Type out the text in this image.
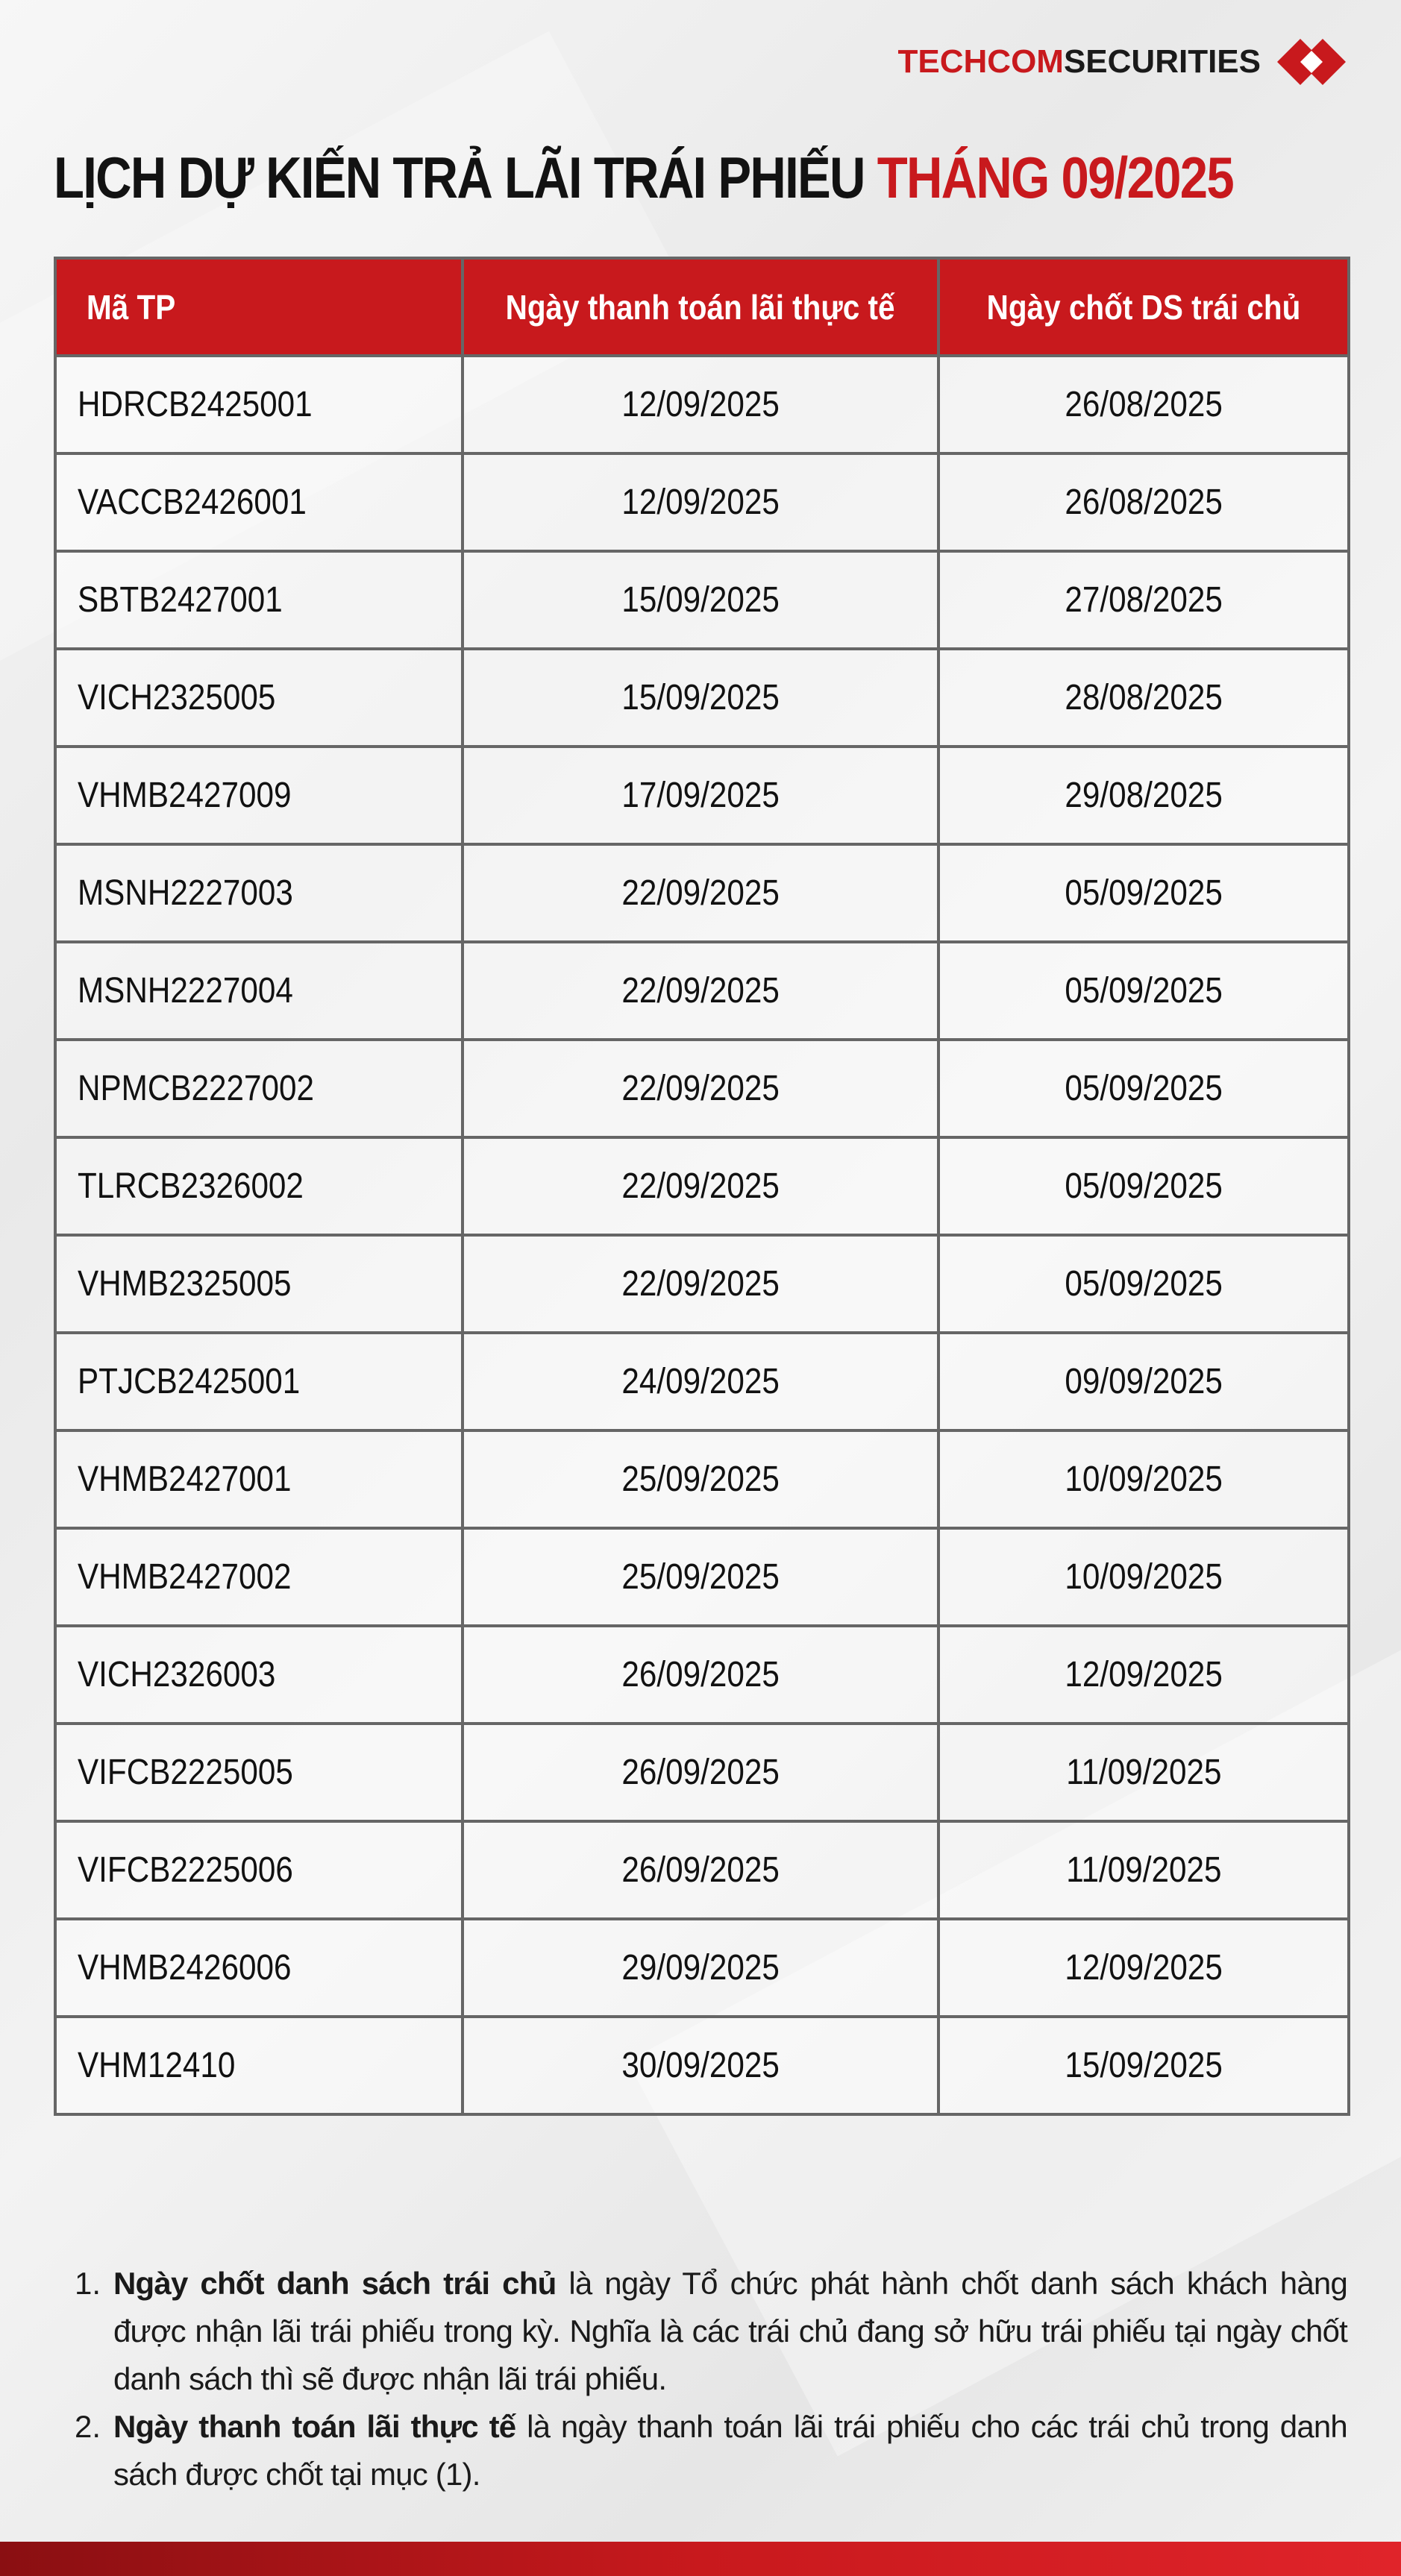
TECHCOMSECURITIES
LỊCH DỰ KIẾN TRẢ LÃI TRÁI PHIẾU THÁNG 09/2025
Mã TP	Ngày thanh toán lãi thực tế	Ngày chốt DS trái chủ
HDRCB2425001	12/09/2025	26/08/2025
VACCB2426001	12/09/2025	26/08/2025
SBTB2427001	15/09/2025	27/08/2025
VICH2325005	15/09/2025	28/08/2025
VHMB2427009	17/09/2025	29/08/2025
MSNH2227003	22/09/2025	05/09/2025
MSNH2227004	22/09/2025	05/09/2025
NPMCB2227002	22/09/2025	05/09/2025
TLRCB2326002	22/09/2025	05/09/2025
VHMB2325005	22/09/2025	05/09/2025
PTJCB2425001	24/09/2025	09/09/2025
VHMB2427001	25/09/2025	10/09/2025
VHMB2427002	25/09/2025	10/09/2025
VICH2326003	26/09/2025	12/09/2025
VIFCB2225005	26/09/2025	11/09/2025
VIFCB2225006	26/09/2025	11/09/2025
VHMB2426006	29/09/2025	12/09/2025
VHM12410	30/09/2025	15/09/2025
1. Ngày chốt danh sách trái chủ là ngày Tổ chức phát hành chốt danh sách khách hàng được nhận lãi trái phiếu trong kỳ. Nghĩa là các trái chủ đang sở hữu trái phiếu tại ngày chốt danh sách thì sẽ được nhận lãi trái phiếu.
2. Ngày thanh toán lãi thực tế là ngày thanh toán lãi trái phiếu cho các trái chủ trong danh sách được chốt tại mục (1).
